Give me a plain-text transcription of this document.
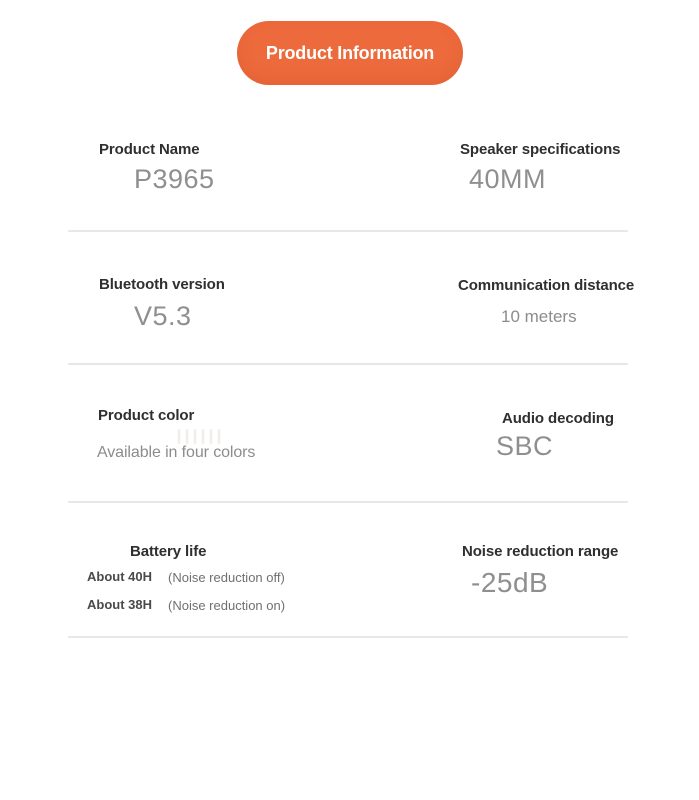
Product Information
Product Name
P3965
Speaker specifications
40MM
Bluetooth version
V5.3
Communication distance
10 meters
Product color
Available in four colors
Audio decoding
SBC
Battery life
About 40H (Noise reduction off)
About 38H (Noise reduction on)
Noise reduction range
-25dB
